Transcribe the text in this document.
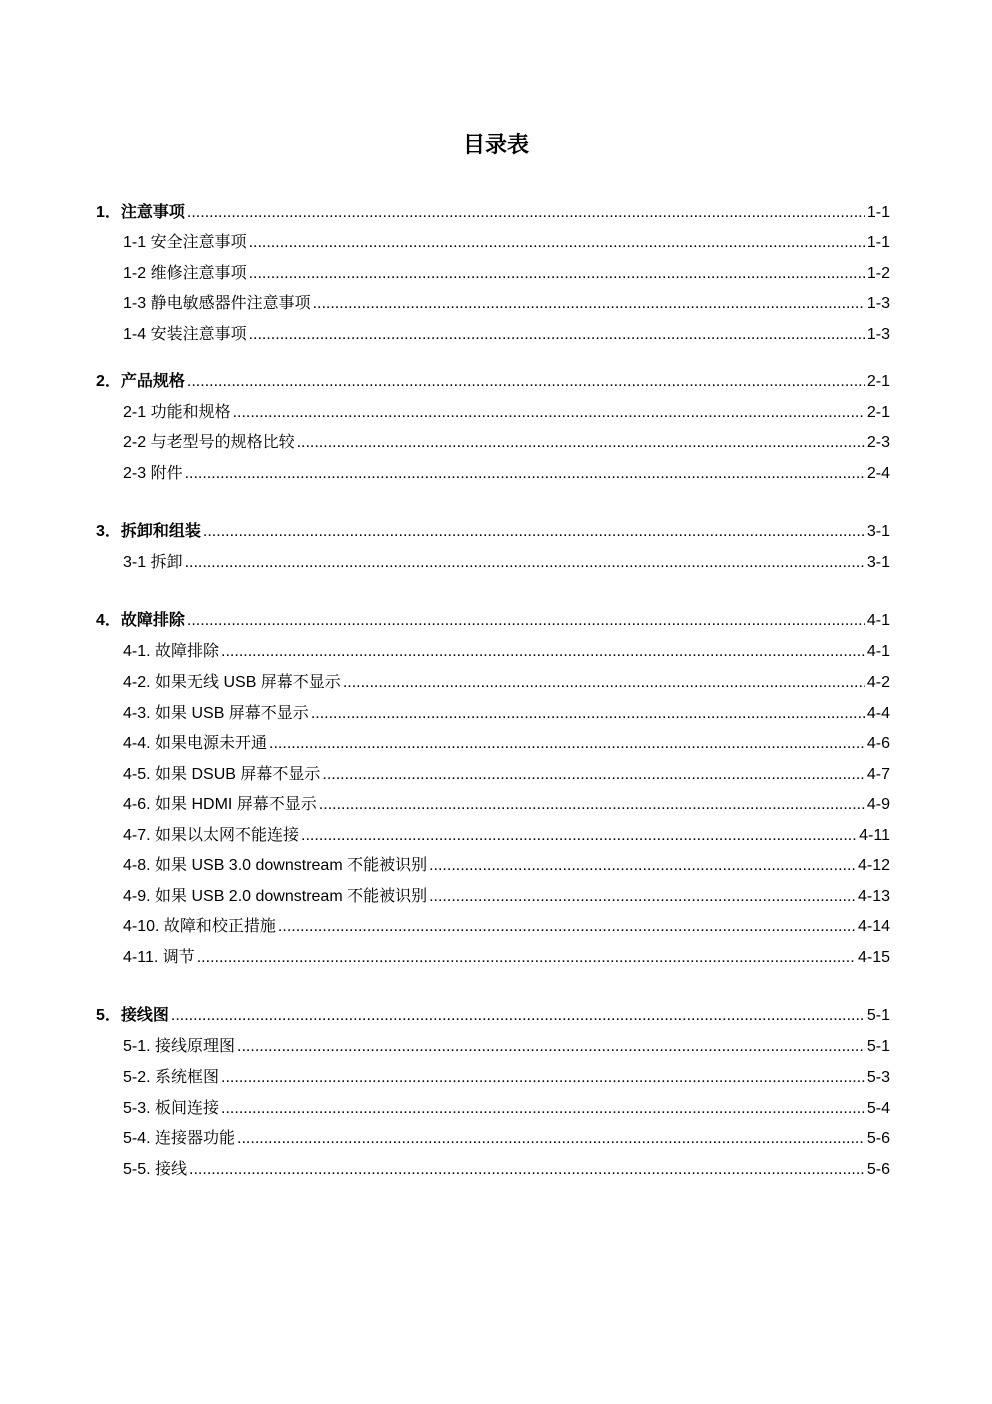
目录表
1．注意事项 .....	1-1
1-1 安全注意事项 .....	1-1
1-2 维修注意事项 .....	1-2
1-3 静电敏感器件注意事项 .....	1-3
1-4 安装注意事项 .....	1-3
2．产品规格 .....	2-1
2-1 功能和规格 .....	2-1
2-2 与老型号的规格比较 .....	2-3
2-3 附件 .....	2-4
3．拆卸和组装 .....	3-1
3-1 拆卸 .....	3-1
4．故障排除 .....	4-1
4-1. 故障排除 .....	4-1
4-2. 如果无线 USB 屏幕不显示 .....	4-2
4-3. 如果 USB 屏幕不显示 .....	4-4
4-4. 如果电源未开通 .....	4-6
4-5. 如果 DSUB 屏幕不显示 .....	4-7
4-6. 如果 HDMI 屏幕不显示 .....	4-9
4-7. 如果以太网不能连接 .....	4-11
4-8. 如果 USB 3.0 downstream 不能被识别 .....	4-12
4-9. 如果 USB 2.0 downstream 不能被识别 .....	4-13
4-10. 故障和校正措施 .....	4-14
4-11. 调节 .....	4-15
5．接线图 .....	5-1
5-1. 接线原理图 .....	5-1
5-2. 系统框图 .....	5-3
5-3. 板间连接 .....	5-4
5-4. 连接器功能 .....	5-6
5-5. 接线 .....	5-6
